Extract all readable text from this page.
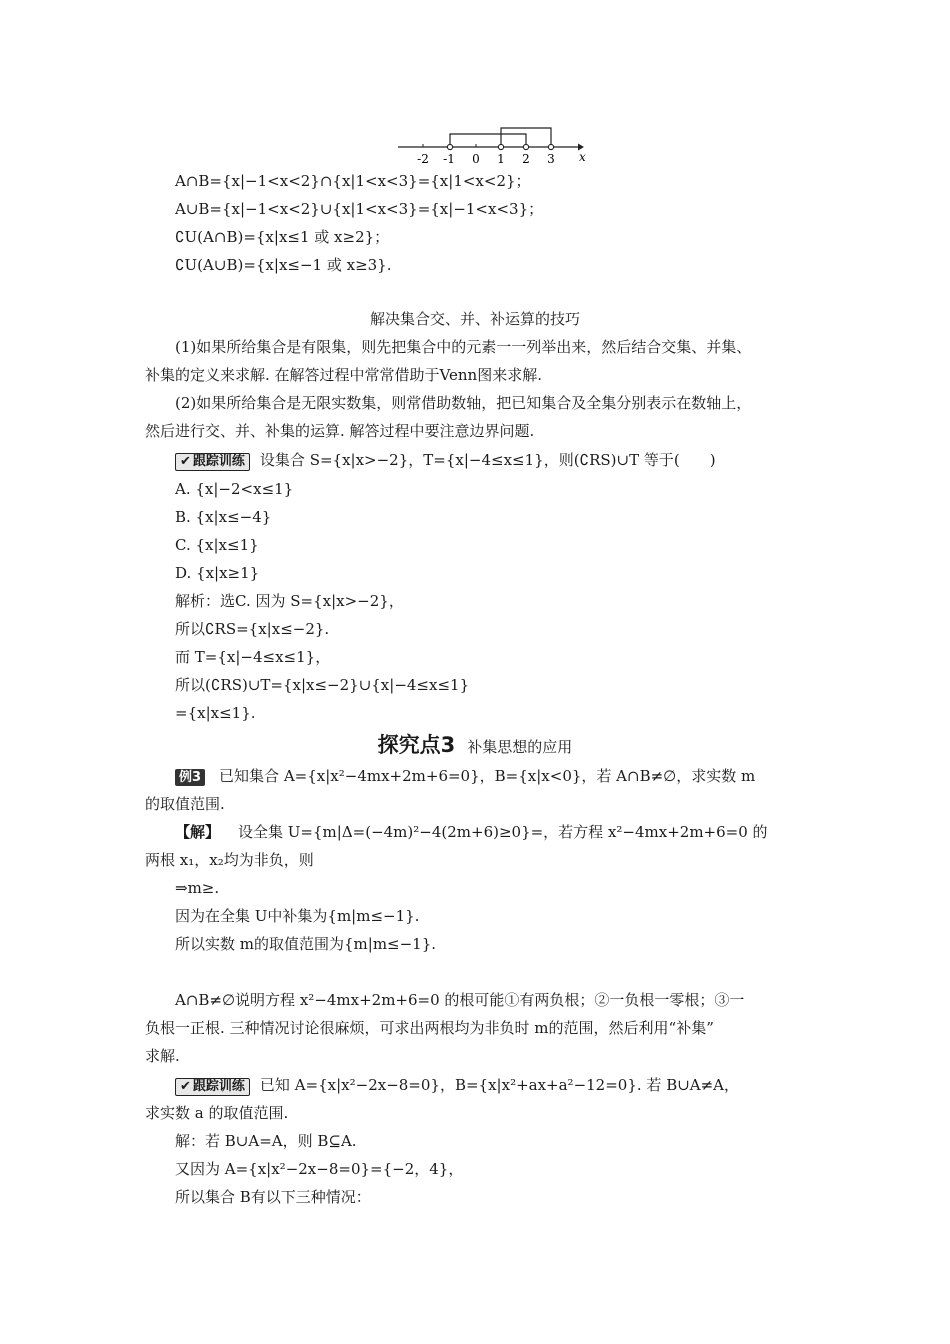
-2 -1 0 1 2 3 x
A∩B={x|−1<x<2}∩{x|1<x<3}={x|1<x<2}；
A∪B={x|−1<x<2}∪{x|1<x<3}={x|−1<x<3}；
∁U(A∩B)={x|x≤1 或 x≥2}；
∁U(A∪B)={x|x≤−1 或 x≥3}.
解决集合交、并、补运算的技巧
(1)如果所给集合是有限集，则先把集合中的元素一一列举出来，然后结合交集、并集、
补集的定义来求解. 在解答过程中常常借助于Venn图来求解.
(2)如果所给集合是无限实数集，则常借助数轴，把已知集合及全集分别表示在数轴上，
然后进行交、并、补集的运算. 解答过程中要注意边界问题.
✔ 跟踪训练 设集合 S={x|x>−2}，T={x|−4≤x≤1}，则(∁RS)∪T 等于(　　)
A. {x|−2<x≤1}
B. {x|x≤−4}
C. {x|x≤1}
D. {x|x≥1}
解析：选C. 因为 S={x|x>−2}，
所以∁RS={x|x≤−2}.
而 T={x|−4≤x≤1}，
所以(∁RS)∪T={x|x≤−2}∪{x|−4≤x≤1}
={x|x≤1}.
探究点3 补集思想的应用
例3 已知集合 A={x|x²−4mx+2m+6=0}，B={x|x<0}，若 A∩B≠∅，求实数 m
的取值范围.
【解】 设全集 U={m|Δ=(−4m)²−4(2m+6)≥0}=，若方程 x²−4mx+2m+6=0 的
两根 x₁，x₂均为非负，则
⇒m≥.
因为在全集 U中补集为{m|m≤−1}.
所以实数 m的取值范围为{m|m≤−1}.
A∩B≠∅说明方程 x²−4mx+2m+6=0 的根可能①有两负根；②一负根一零根；③一
负根一正根. 三种情况讨论很麻烦，可求出两根均为非负时 m的范围，然后利用“补集”
求解.
✔ 跟踪训练 已知 A={x|x²−2x−8=0}，B={x|x²+ax+a²−12=0}. 若 B∪A≠A，
求实数 a 的取值范围.
解：若 B∪A=A，则 B⊆A.
又因为 A={x|x²−2x−8=0}={−2，4}，
所以集合 B有以下三种情况：
